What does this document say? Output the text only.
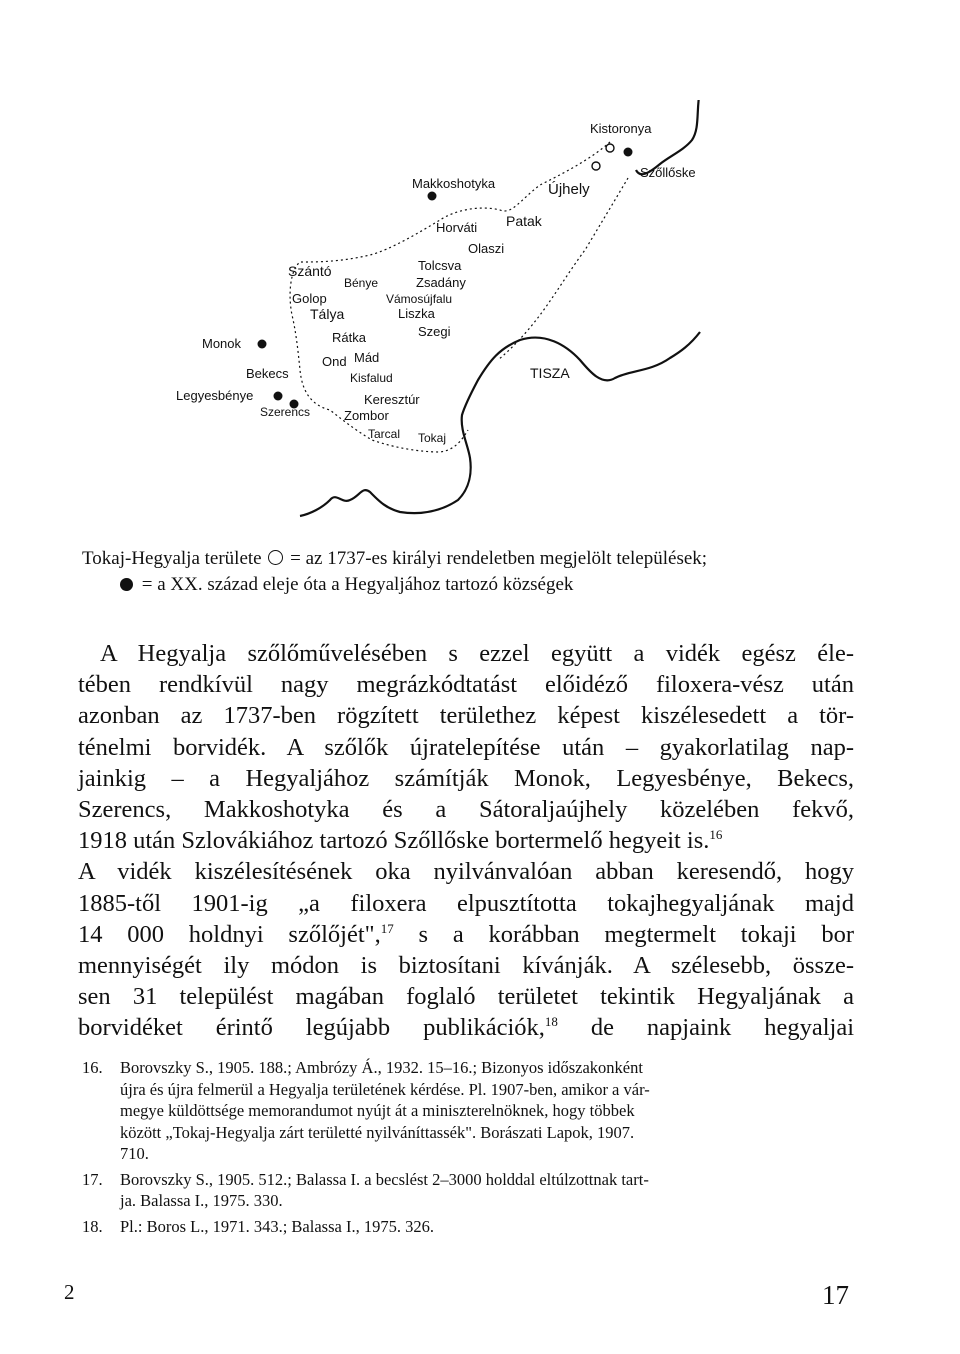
Kistoronya
Makkoshotyka	Újhely
Szőllőske
Horváti Patak
Olaszi
Tolcsva
Szántó
Bénye	Zsadány
Golop	Vámosújfalu
Tálya	Liszka
Monok	Rátka	Szegi
Mád
Ond
Bekecs	Kisfalud
Legyesbénye	Keresztúr
Szerencs	Zombor
Tarcal Tokaj
TISZA
Tokaj-Hegyalja területe = az 1737-es királyi rendeletben megjelölt települések;
= a XX. század eleje óta a Hegyaljához tartozó községek

A Hegyalja szőlőművelésében s ezzel együtt a vidék egész éle-
tében rendkívül nagy megrázkódtatást előidéző filoxera-vész után
azonban az 1737-ben rögzített területhez képest kiszélesedett a tör-
ténelmi borvidék. A szőlők újratelepítése után – gyakorlatilag nap-
jainkig – a Hegyaljához számítják Monok, Legyesbénye, Bekecs,
Szerencs, Makkoshotyka és a Sátoraljaújhely közelében fekvő,
1918 után Szlovákiához tartozó Szőllőske bortermelő hegyeit is.$^{16}$

A vidék kiszélesítésének oka nyilvánvalóan abban keresendő, hogy
1885-től 1901-ig „a filoxera elpusztította tokajhegyaljának majd
14 000 holdnyi szőlőjét",$^{17}$ s a korábban megtermelt tokaji bor
mennyiségét ily módon is biztosítani kívánják. A szélesebb, össze-
sen 31 települést magában foglaló területet tekintik Hegyaljának a
borvidéket érintő legújabb publikációk,$^{18}$ de napjaink hegyaljai

16. Borovszky S., 1905. 188.; Ambrózy Á., 1932. 15–16.; Bizonyos időszakonként
újra és újra felmerül a Hegyalja területének kérdése. Pl. 1907-ben, amikor a vár-
megye küldöttsége memorandumot nyújt át a miniszterelnöknek, hogy többek
között „Tokaj-Hegyalja zárt területté nyilváníttassék". Borászati Lapok, 1907.
710.
17. Borovszky S., 1905. 512.; Balassa I. a becslést 2–3000 holddal eltúlzottnak tart-
ja. Balassa I., 1975. 330.
18. Pl.: Boros L., 1971. 343.; Balassa I., 1975. 326.
2	17
